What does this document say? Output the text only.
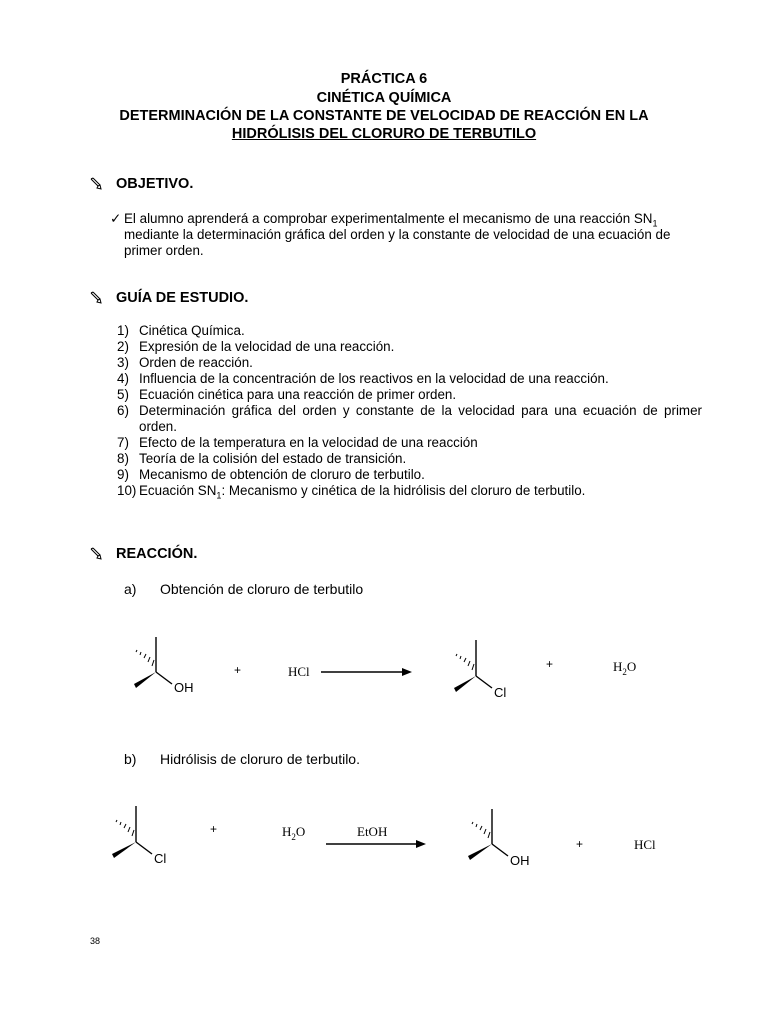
PRÁCTICA 6
CINÉTICA QUÍMICA
DETERMINACIÓN DE LA CONSTANTE DE VELOCIDAD DE REACCIÓN EN LA
HIDRÓLISIS DEL CLORURO DE TERBUTILO
OBJETIVO.
✓ El alumno aprenderá a comprobar experimentalmente el mecanismo de una reacción $SN_1$
mediante la determinación gráfica del orden y la constante de velocidad de una ecuación de
primer orden.
GUÍA DE ESTUDIO.
1) Cinética Química.
2) Expresión de la velocidad de una reacción.
3) Orden de reacción.
4) Influencia de la concentración de los reactivos en la velocidad de una reacción.
5) Ecuación cinética para una reacción de primer orden.
6) Determinación gráfica del orden y constante de la velocidad para una ecuación de primer orden.
7) Efecto de la temperatura en la velocidad de una reacción
8) Teoría de la colisión del estado de transición.
9) Mecanismo de obtención de cloruro de terbutilo.
10) Ecuación $SN_1$: Mecanismo y cinética de la hidrólisis del cloruro de terbutilo.
REACCIÓN.
a) Obtención de cloruro de terbutilo
OH
+	HCl
Cl
+	$H_2O$
b) Hidrólisis de cloruro de terbutilo.
Cl
+	$H_2O$	EtOH
OH
+	HCl
38
